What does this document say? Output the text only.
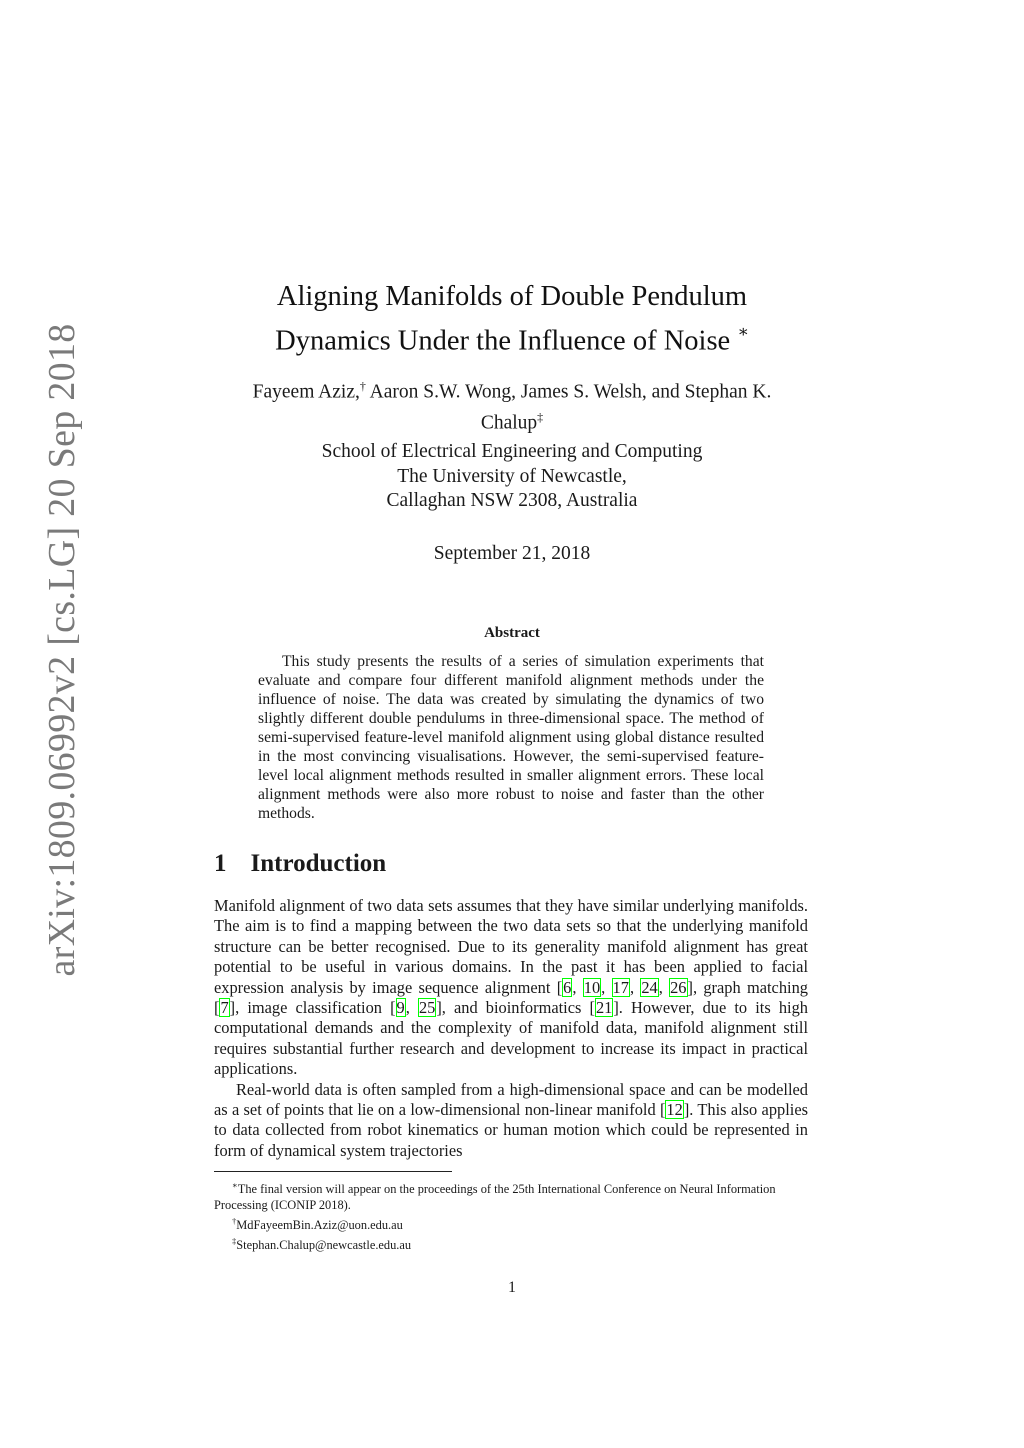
arXiv:1809.06992v2 [cs.LG] 20 Sep 2018
Aligning Manifolds of Double Pendulum
Dynamics Under the Influence of Noise ∗
Fayeem Aziz,† Aaron S.W. Wong, James S. Welsh, and Stephan K.
Chalup‡
School of Electrical Engineering and Computing
The University of Newcastle,
Callaghan NSW 2308, Australia
September 21, 2018
Abstract

This study presents the results of a series of simulation experiments that evaluate and compare four different manifold alignment methods under the influence of noise. The data was created by simulating the dynamics of two slightly different double pendulums in three-dimensional space. The method of semi-supervised feature-level manifold alignment using global distance resulted in the most convincing visualisations. However, the semi-supervised feature-level local alignment methods resulted in smaller alignment errors. These local alignment methods were also more robust to noise and faster than the other methods.

1 Introduction

Manifold alignment of two data sets assumes that they have similar underlying manifolds. The aim is to find a mapping between the two data sets so that the underlying manifold structure can be better recognised. Due to its generality manifold alignment has great potential to be useful in various domains. In the past it has been applied to facial expression analysis by image sequence alignment [6, 10, 17, 24, 26], graph matching [7], image classification [9, 25], and bioinformatics [21]. However, due to its high computational demands and the complexity of manifold data, manifold alignment still requires substantial further research and development to increase its impact in practical applications.

Real-world data is often sampled from a high-dimensional space and can be modelled as a set of points that lie on a low-dimensional non-linear manifold [12]. This also applies to data collected from robot kinematics or human motion which could be represented in form of dynamical system trajectories

∗The final version will appear on the proceedings of the 25th International Conference on Neural Information Processing (ICONIP 2018).
†MdFayeemBin.Aziz@uon.edu.au
‡Stephan.Chalup@newcastle.edu.au
1
